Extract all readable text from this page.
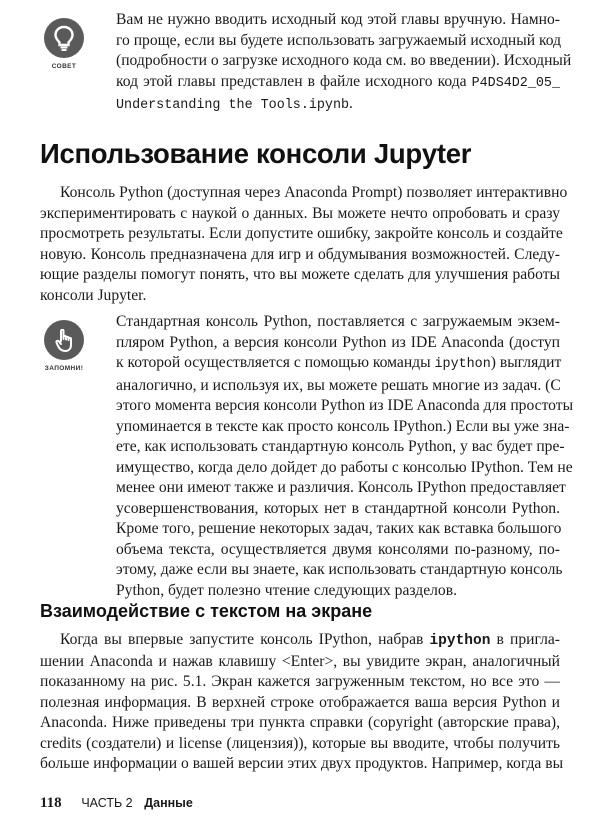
СОВЕТ
Вам не нужно вводить исходный код этой главы вручную. Намно-
го проще, если вы будете использовать загружаемый исходный код
(подробности о загрузке исходного кода см. во введении). Исходный
код этой главы представлен в файле исходного кода P4DS4D2_05_
Understanding the Tools.ipynb.
Использование консоли Jupyter
Консоль Python (доступная через Anaconda Prompt) позволяет интерактивно
экспериментировать с наукой о данных. Вы можете нечто опробовать и сразу
просмотреть результаты. Если допустите ошибку, закройте консоль и создайте
новую. Консоль предназначена для игр и обдумывания возможностей. Следу-
ющие разделы помогут понять, что вы можете сделать для улучшения работы
консоли Jupyter.
ЗАПОМНИ!
Стандартная консоль Python, поставляется с загружаемым экзем-
пляром Python, а версия консоли Python из IDE Anaconda (доступ
к которой осуществляется с помощью команды ipython) выглядит
аналогично, и используя их, вы можете решать многие из задач. (С
этого момента версия консоли Python из IDE Anaconda для простоты
упоминается в тексте как просто консоль IPython.) Если вы уже зна-
ете, как использовать стандартную консоль Python, у вас будет пре-
имущество, когда дело дойдет до работы с консолью IPython. Тем не
менее они имеют также и различия. Консоль IPython предоставляет
усовершенствования, которых нет в стандартной консоли Python.
Кроме того, решение некоторых задач, таких как вставка большого
объема текста, осуществляется двумя консолями по-разному, по-
этому, даже если вы знаете, как использовать стандартную консоль
Python, будет полезно чтение следующих разделов.
Взаимодействие с текстом на экране
Когда вы впервые запустите консоль IPython, набрав ipython в пригла-
шении Anaconda и нажав клавишу <Enter>, вы увидите экран, аналогичный
показанному на рис. 5.1. Экран кажется загруженным текстом, но все это —
полезная информация. В верхней строке отображается ваша версия Python и
Anaconda. Ниже приведены три пункта справки (copyright (авторские права),
credits (создатели) и license (лицензия)), которые вы вводите, чтобы получить
больше информации о вашей версии этих двух продуктов. Например, когда вы
118 ЧАСТЬ 2 Данные
